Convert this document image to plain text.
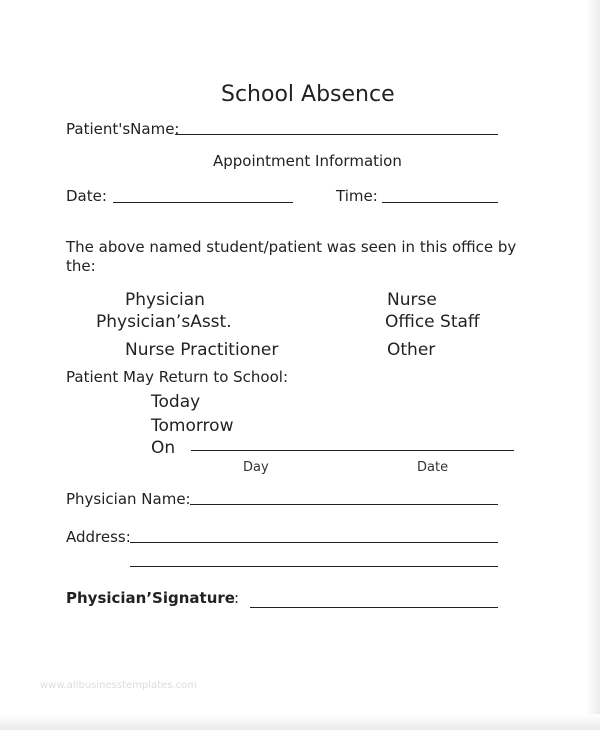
School Absence
Patient'sName:
Appointment Information
Date:	Time:
The above named student/patient was seen in this office by
the:
Physician
Physician’sAsst.
Nurse Practitioner
Nurse
Office Staff
Other
Patient May Return to School:
Today
Tomorrow
On
Day	Date
Physician Name:
Address:
Physician’Signature :
www.allbusinesstemplates.com
